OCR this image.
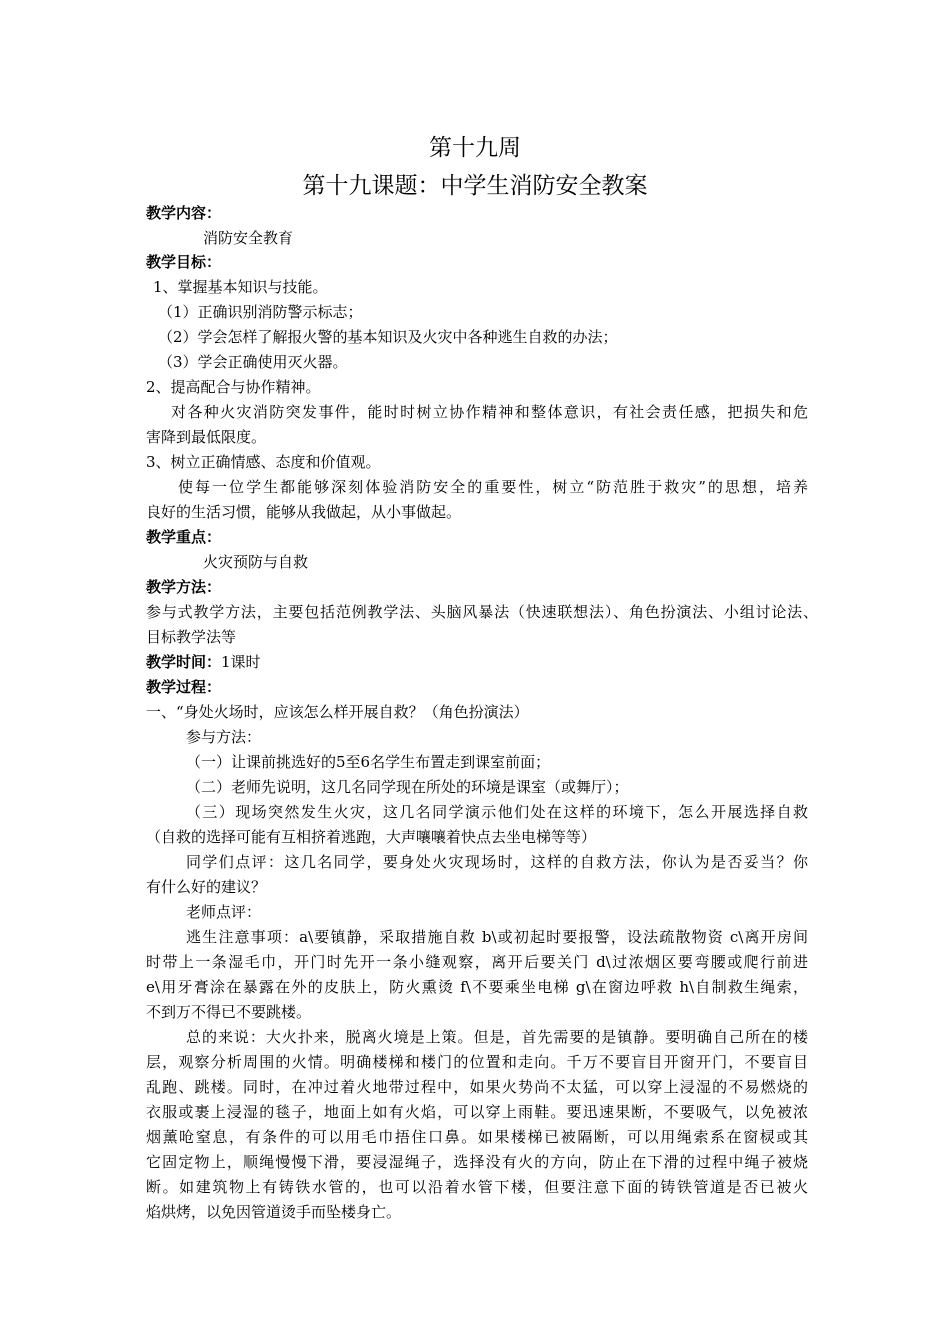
第十九周
第十九课题：中学生消防安全教案
教学内容：
消防安全教育
教学目标：
1、掌握基本知识与技能。
（1）正确识别消防警示标志；
（2）学会怎样了解报火警的基本知识及火灾中各种逃生自救的办法；
（3）学会正确使用灭火器。
2、提高配合与协作精神。
对各种火灾消防突发事件，能时时树立协作精神和整体意识，有社会责任感，把损失和危
害降到最低限度。
3、树立正确情感、态度和价值观。
使每一位学生都能够深刻体验消防安全的重要性，树立“防范胜于救灾”的思想，培养
良好的生活习惯，能够从我做起，从小事做起。
教学重点：
火灾预防与自救
教学方法：
参与式教学方法，主要包括范例教学法、头脑风暴法（快速联想法）、角色扮演法、小组讨论法、
目标教学法等
教学时间：1课时
教学过程：
一、“身处火场时，应该怎么样开展自救？（角色扮演法）
参与方法：
（一）让课前挑选好的5至6名学生布置走到课室前面；
（二）老师先说明，这几名同学现在所处的环境是课室（或舞厅）；
（三）现场突然发生火灾，这几名同学演示他们处在这样的环境下，怎么开展选择自救
（自救的选择可能有互相挤着逃跑，大声嚷嚷着快点去坐电梯等等）
同学们点评：这几名同学，要身处火灾现场时，这样的自救方法，你认为是否妥当？你
有什么好的建议？
老师点评：
逃生注意事项：a\要镇静，采取措施自救 b\或初起时要报警，设法疏散物资 c\离开房间
时带上一条湿毛巾，开门时先开一条小缝观察，离开后要关门 d\过浓烟区要弯腰或爬行前进
e\用牙膏涂在暴露在外的皮肤上，防火熏烫 f\不要乘坐电梯 g\在窗边呼救 h\自制救生绳索，
不到万不得已不要跳楼。
总的来说：大火扑来，脱离火境是上策。但是，首先需要的是镇静。要明确自己所在的楼
层，观察分析周围的火情。明确楼梯和楼门的位置和走向。千万不要盲目开窗开门，不要盲目
乱跑、跳楼。同时，在冲过着火地带过程中，如果火势尚不太猛，可以穿上浸湿的不易燃烧的
衣服或裹上浸湿的毯子，地面上如有火焰，可以穿上雨鞋。要迅速果断，不要吸气，以免被浓
烟薰呛窒息，有条件的可以用毛巾捂住口鼻。如果楼梯已被隔断，可以用绳索系在窗棂或其
它固定物上，顺绳慢慢下滑，要浸湿绳子，选择没有火的方向，防止在下滑的过程中绳子被烧
断。如建筑物上有铸铁水管的，也可以沿着水管下楼，但要注意下面的铸铁管道是否已被火
焰烘烤，以免因管道烫手而坠楼身亡。
